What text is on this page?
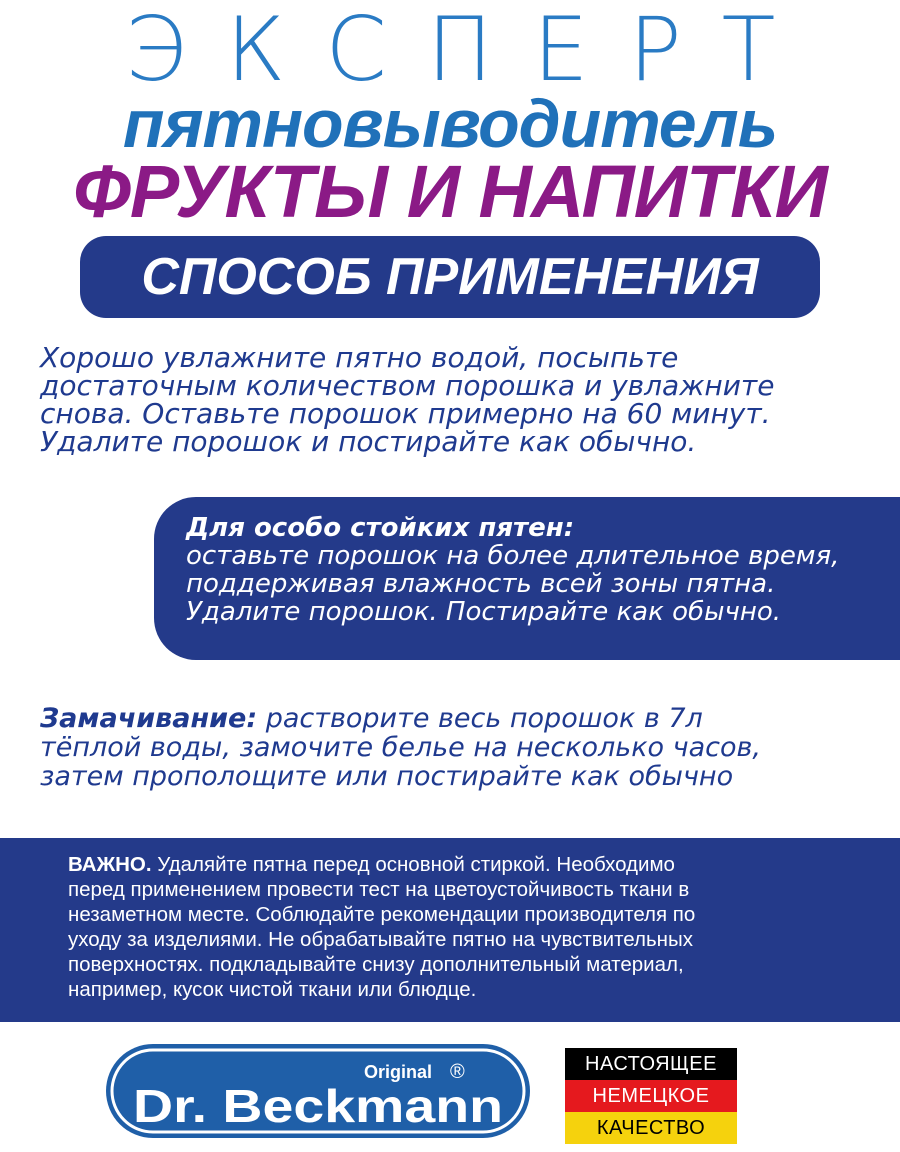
ЭКСПЕРТ
пятновыводитель
ФРУКТЫ И НАПИТКИ
СПОСОБ ПРИМЕНЕНИЯ
Хорошо увлажните пятно водой, посыпьте
достаточным количеством порошка и увлажните
снова. Оставьте порошок примерно на 60 минут.
Удалите порошок и постирайте как обычно.
Для особо стойких пятен:
оставьте порошок на более длительное время,
поддерживая влажность всей зоны пятна.
Удалите порошок. Постирайте как обычно.
Замачивание: растворите весь порошок в 7л
тёплой воды, замочите белье на несколько часов,
затем прополощите или постирайте как обычно
ВАЖНО. Удаляйте пятна перед основной стиркой. Необходимо
перед применением провести тест на цветоустойчивость ткани в
незаметном месте. Соблюдайте рекомендации производителя по
уходу за изделиями. Не обрабатывайте пятно на чувствительных
поверхностях. подкладывайте снизу дополнительный материал,
например, кусок чистой ткани или блюдце.
Original ®
Dr. Beckmann
НАСТОЯЩЕЕ
НЕМЕЦКОЕ
КАЧЕСТВО
